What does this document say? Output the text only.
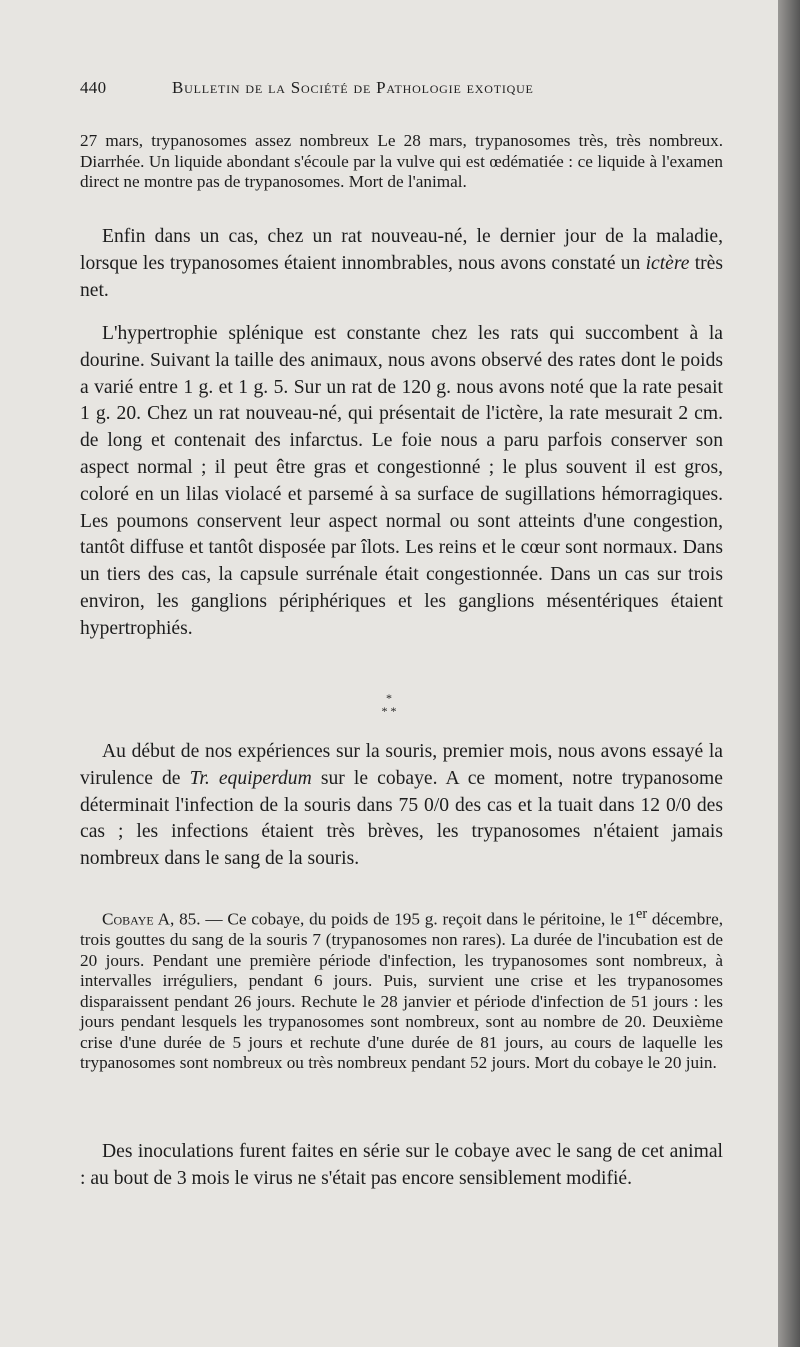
440	Bulletin de la Société de Pathologie exotique

27 mars, trypanosomes assez nombreux Le 28 mars, trypanosomes très, très nombreux. Diarrhée. Un liquide abondant s'écoule par la vulve qui est œdématiée : ce liquide à l'examen direct ne montre pas de trypanosomes. Mort de l'animal.

Enfin dans un cas, chez un rat nouveau-né, le dernier jour de la maladie, lorsque les trypanosomes étaient innombrables, nous avons constaté un ictère très net.

L'hypertrophie splénique est constante chez les rats qui succombent à la dourine. Suivant la taille des animaux, nous avons observé des rates dont le poids a varié entre 1 g. et 1 g. 5. Sur un rat de 120 g. nous avons noté que la rate pesait 1 g. 20. Chez un rat nouveau-né, qui présentait de l'ictère, la rate mesurait 2 cm. de long et contenait des infarctus. Le foie nous a paru parfois conserver son aspect normal ; il peut être gras et congestionné ; le plus souvent il est gros, coloré en un lilas violacé et parsemé à sa surface de sugillations hémorragiques. Les poumons conservent leur aspect normal ou sont atteints d'une congestion, tantôt diffuse et tantôt disposée par îlots. Les reins et le cœur sont normaux. Dans un tiers des cas, la capsule surrénale était congestionnée. Dans un cas sur trois environ, les ganglions périphériques et les ganglions mésentériques étaient hypertrophiés.

*
* *

Au début de nos expériences sur la souris, premier mois, nous avons essayé la virulence de Tr. equiperdum sur le cobaye. A ce moment, notre trypanosome déterminait l'infection de la souris dans 75 0/0 des cas et la tuait dans 12 0/0 des cas ; les infections étaient très brèves, les trypanosomes n'étaient jamais nombreux dans le sang de la souris.

Cobaye A, 85. — Ce cobaye, du poids de 195 g. reçoit dans le péritoine, le 1er décembre, trois gouttes du sang de la souris 7 (trypanosomes non rares). La durée de l'incubation est de 20 jours. Pendant une première période d'infection, les trypanosomes sont nombreux, à intervalles irréguliers, pendant 6 jours. Puis, survient une crise et les trypanosomes disparaissent pendant 26 jours. Rechute le 28 janvier et période d'infection de 51 jours : les jours pendant lesquels les trypanosomes sont nombreux, sont au nombre de 20. Deuxième crise d'une durée de 5 jours et rechute d'une durée de 81 jours, au cours de laquelle les trypanosomes sont nombreux ou très nombreux pendant 52 jours. Mort du cobaye le 20 juin.

Des inoculations furent faites en série sur le cobaye avec le sang de cet animal : au bout de 3 mois le virus ne s'était pas encore sensiblement modifié.
